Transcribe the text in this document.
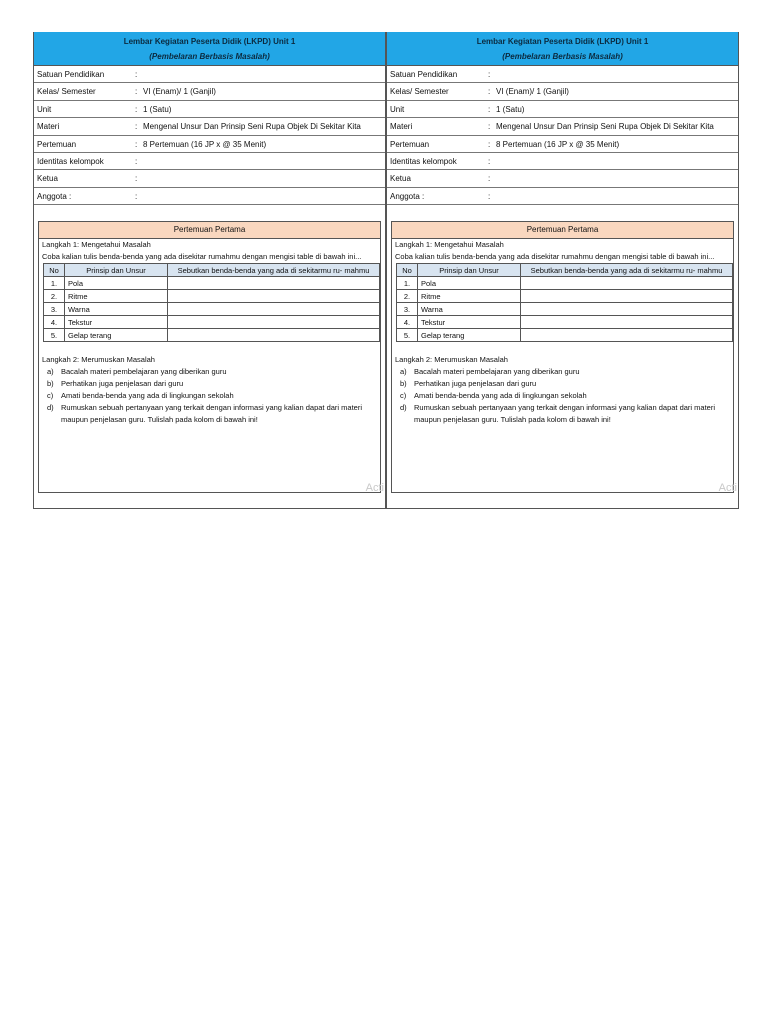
Lembar Kegiatan Peserta Didik (LKPD) Unit 1
(Pembelaran Berbasis Masalah)
Satuan Pendidikan	:
Kelas/ Semester	: VI (Enam)/ 1 (Ganjil)
Unit	: 1 (Satu)
Materi	: Mengenal Unsur Dan Prinsip Seni Rupa Objek Di Sekitar Kita
Pertemuan	: 8 Pertemuan (16 JP x @ 35 Menit)
Identitas kelompok	:
Ketua	:
Anggota :	:
Pertemuan Pertama
Langkah 1: Mengetahui Masalah
Coba kalian tulis benda-benda yang ada disekitar rumahmu dengan mengisi table di bawah ini...
No	Prinsip dan Unsur	Sebutkan benda-benda yang ada di sekitarmu ru- mahmu
1.	Pola	
2.	Ritme	
3.	Warna	
4.	Tekstur	
5.	Gelap terang	
Langkah 2: Merumuskan Masalah
a) Bacalah materi pembelajaran yang diberikan guru
b) Perhatikan juga penjelasan dari guru
c)	Amati benda-benda yang ada di lingkungan sekolah
d) Rumuskan sebuah pertanyaan yang terkait dengan informasi yang kalian dapat dari materi maupun penjelasan guru. Tulislah pada kolom di bawah ini!
Acti
Lembar Kegiatan Peserta Didik (LKPD) Unit 1
(Pembelaran Berbasis Masalah)
Satuan Pendidikan	:
Kelas/ Semester	: VI (Enam)/ 1 (Ganjil)
Unit	: 1 (Satu)
Materi	: Mengenal Unsur Dan Prinsip Seni Rupa Objek Di Sekitar Kita
Pertemuan	: 8 Pertemuan (16 JP x @ 35 Menit)
Identitas kelompok	:
Ketua	:
Anggota :	:
Pertemuan Pertama
Langkah 1: Mengetahui Masalah
Coba kalian tulis benda-benda yang ada disekitar rumahmu dengan mengisi table di bawah ini...
No	Prinsip dan Unsur	Sebutkan benda-benda yang ada di sekitarmu ru- mahmu
1.	Pola	
2.	Ritme	
3.	Warna	
4.	Tekstur	
5.	Gelap terang	
Langkah 2: Merumuskan Masalah
a) Bacalah materi pembelajaran yang diberikan guru
b) Perhatikan juga penjelasan dari guru
c)	Amati benda-benda yang ada di lingkungan sekolah
d) Rumuskan sebuah pertanyaan yang terkait dengan informasi yang kalian dapat dari materi maupun penjelasan guru. Tulislah pada kolom di bawah ini!
Acti
